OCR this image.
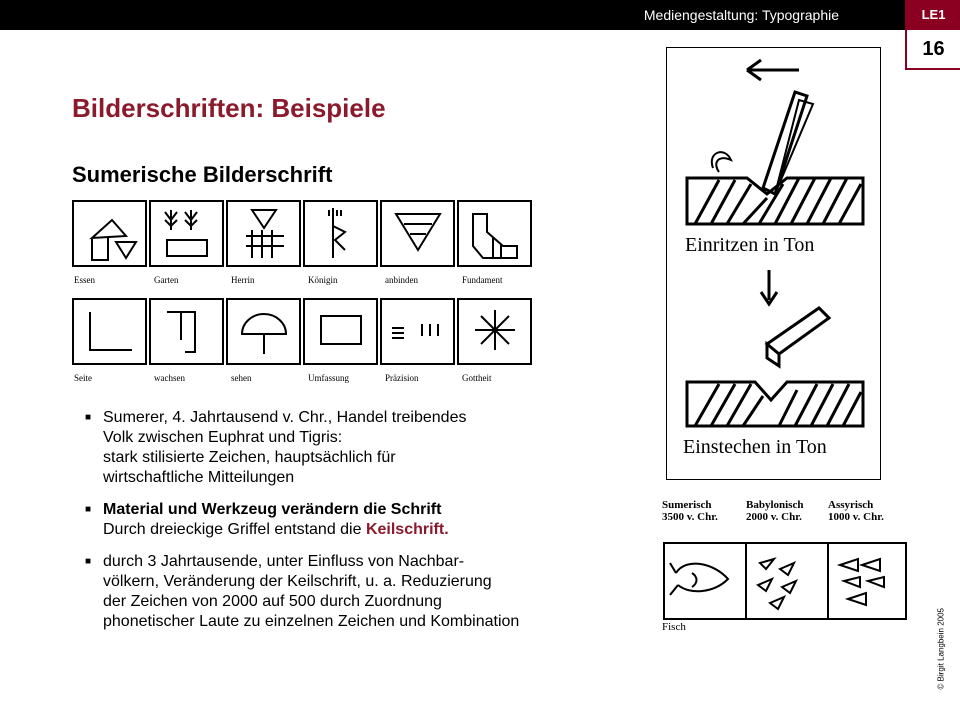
Mediengestaltung: Typographie	LE1
16
Bilderschriften: Beispiele
Sumerische Bilderschrift
Essen	Garten	Herrin	Königin	anbinden	Fundament
Seite	wachsen	sehen	Umfassung	Präzision	Gottheit
■ Sumerer, 4. Jahrtausend v. Chr., Handel treibendes
Volk zwischen Euphrat und Tigris:
stark stilisierte Zeichen, hauptsächlich für
wirtschaftliche Mitteilungen
■ Material und Werkzeug verändern die Schrift
Durch dreieckige Griffel entstand die Keilschrift.
■ durch 3 Jahrtausende, unter Einfluss von Nachbar-
völkern, Veränderung der Keilschrift, u. a. Reduzierung
der Zeichen von 2000 auf 500 durch Zuordnung
phonetischer Laute zu einzelnen Zeichen und Kombination
Einritzen in Ton
Einstechen in Ton
Sumerisch
3500 v. Chr.
Babylonisch
2000 v. Chr.
Assyrisch
1000 v. Chr.
Fisch	© Birgit Langbein 2005
